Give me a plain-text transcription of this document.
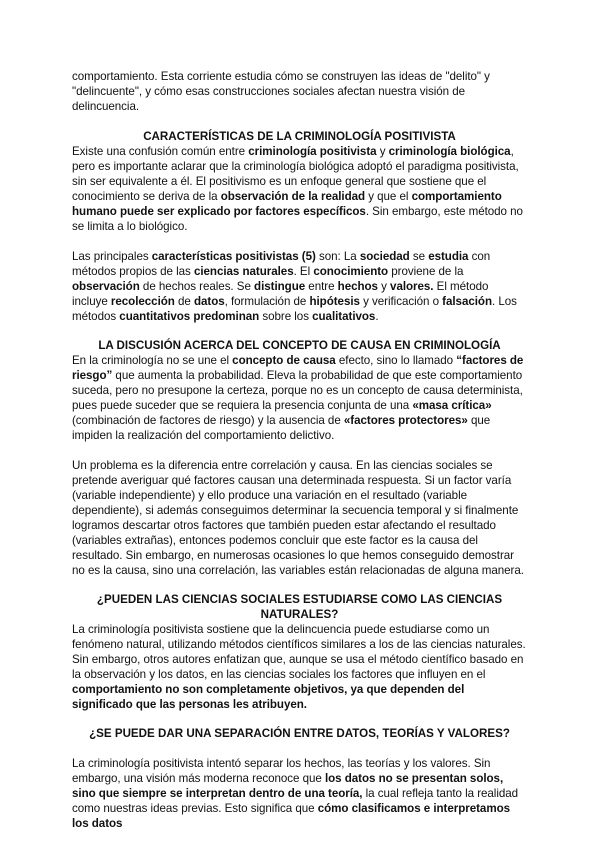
comportamiento. Esta corriente estudia cómo se construyen las ideas de "delito" y "delincuente", y cómo esas construcciones sociales afectan nuestra visión de delincuencia.

CARACTERÍSTICAS DE LA CRIMINOLOGÍA POSITIVISTA

Existe una confusión común entre criminología positivista y criminología biológica, pero es importante aclarar que la criminología biológica adoptó el paradigma positivista, sin ser equivalente a él. El positivismo es un enfoque general que sostiene que el conocimiento se deriva de la observación de la realidad y que el comportamiento humano puede ser explicado por factores específicos. Sin embargo, este método no se limita a lo biológico.

Las principales características positivistas (5) son: La sociedad se estudia con métodos propios de las ciencias naturales. El conocimiento proviene de la observación de hechos reales. Se distingue entre hechos y valores. El método incluye recolección de datos, formulación de hipótesis y verificación o falsación. Los métodos cuantitativos predominan sobre los cualitativos.

LA DISCUSIÓN ACERCA DEL CONCEPTO DE CAUSA EN CRIMINOLOGÍA

En la criminología no se une el concepto de causa efecto, sino lo llamado “factores de riesgo” que aumenta la probabilidad. Eleva la probabilidad de que este comportamiento suceda, pero no presupone la certeza, porque no es un concepto de causa determinista, pues puede suceder que se requiera la presencia conjunta de una «masa crítica» (combinación de factores de riesgo) y la ausencia de «factores protectores» que impiden la realización del comportamiento delictivo.

Un problema es la diferencia entre correlación y causa. En las ciencias sociales se pretende averiguar qué factores causan una determinada respuesta. Si un factor varía (variable independiente) y ello produce una variación en el resultado (variable dependiente), si además conseguimos determinar la secuencia temporal y si finalmente logramos descartar otros factores que también pueden estar afectando el resultado (variables extrañas), entonces podemos concluir que este factor es la causa del resultado. Sin embargo, en numerosas ocasiones lo que hemos conseguido demostrar no es la causa, sino una correlación, las variables están relacionadas de alguna manera.

¿PUEDEN LAS CIENCIAS SOCIALES ESTUDIARSE COMO LAS CIENCIAS NATURALES?

La criminología positivista sostiene que la delincuencia puede estudiarse como un fenómeno natural, utilizando métodos científicos similares a los de las ciencias naturales. Sin embargo, otros autores enfatizan que, aunque se usa el método científico basado en la observación y los datos, en las ciencias sociales los factores que influyen en el comportamiento no son completamente objetivos, ya que dependen del significado que las personas les atribuyen.

¿SE PUEDE DAR UNA SEPARACIÓN ENTRE DATOS, TEORÍAS Y VALORES?

La criminología positivista intentó separar los hechos, las teorías y los valores. Sin embargo, una visión más moderna reconoce que los datos no se presentan solos, sino que siempre se interpretan dentro de una teoría, la cual refleja tanto la realidad como nuestras ideas previas. Esto significa que cómo clasificamos e interpretamos los datos
